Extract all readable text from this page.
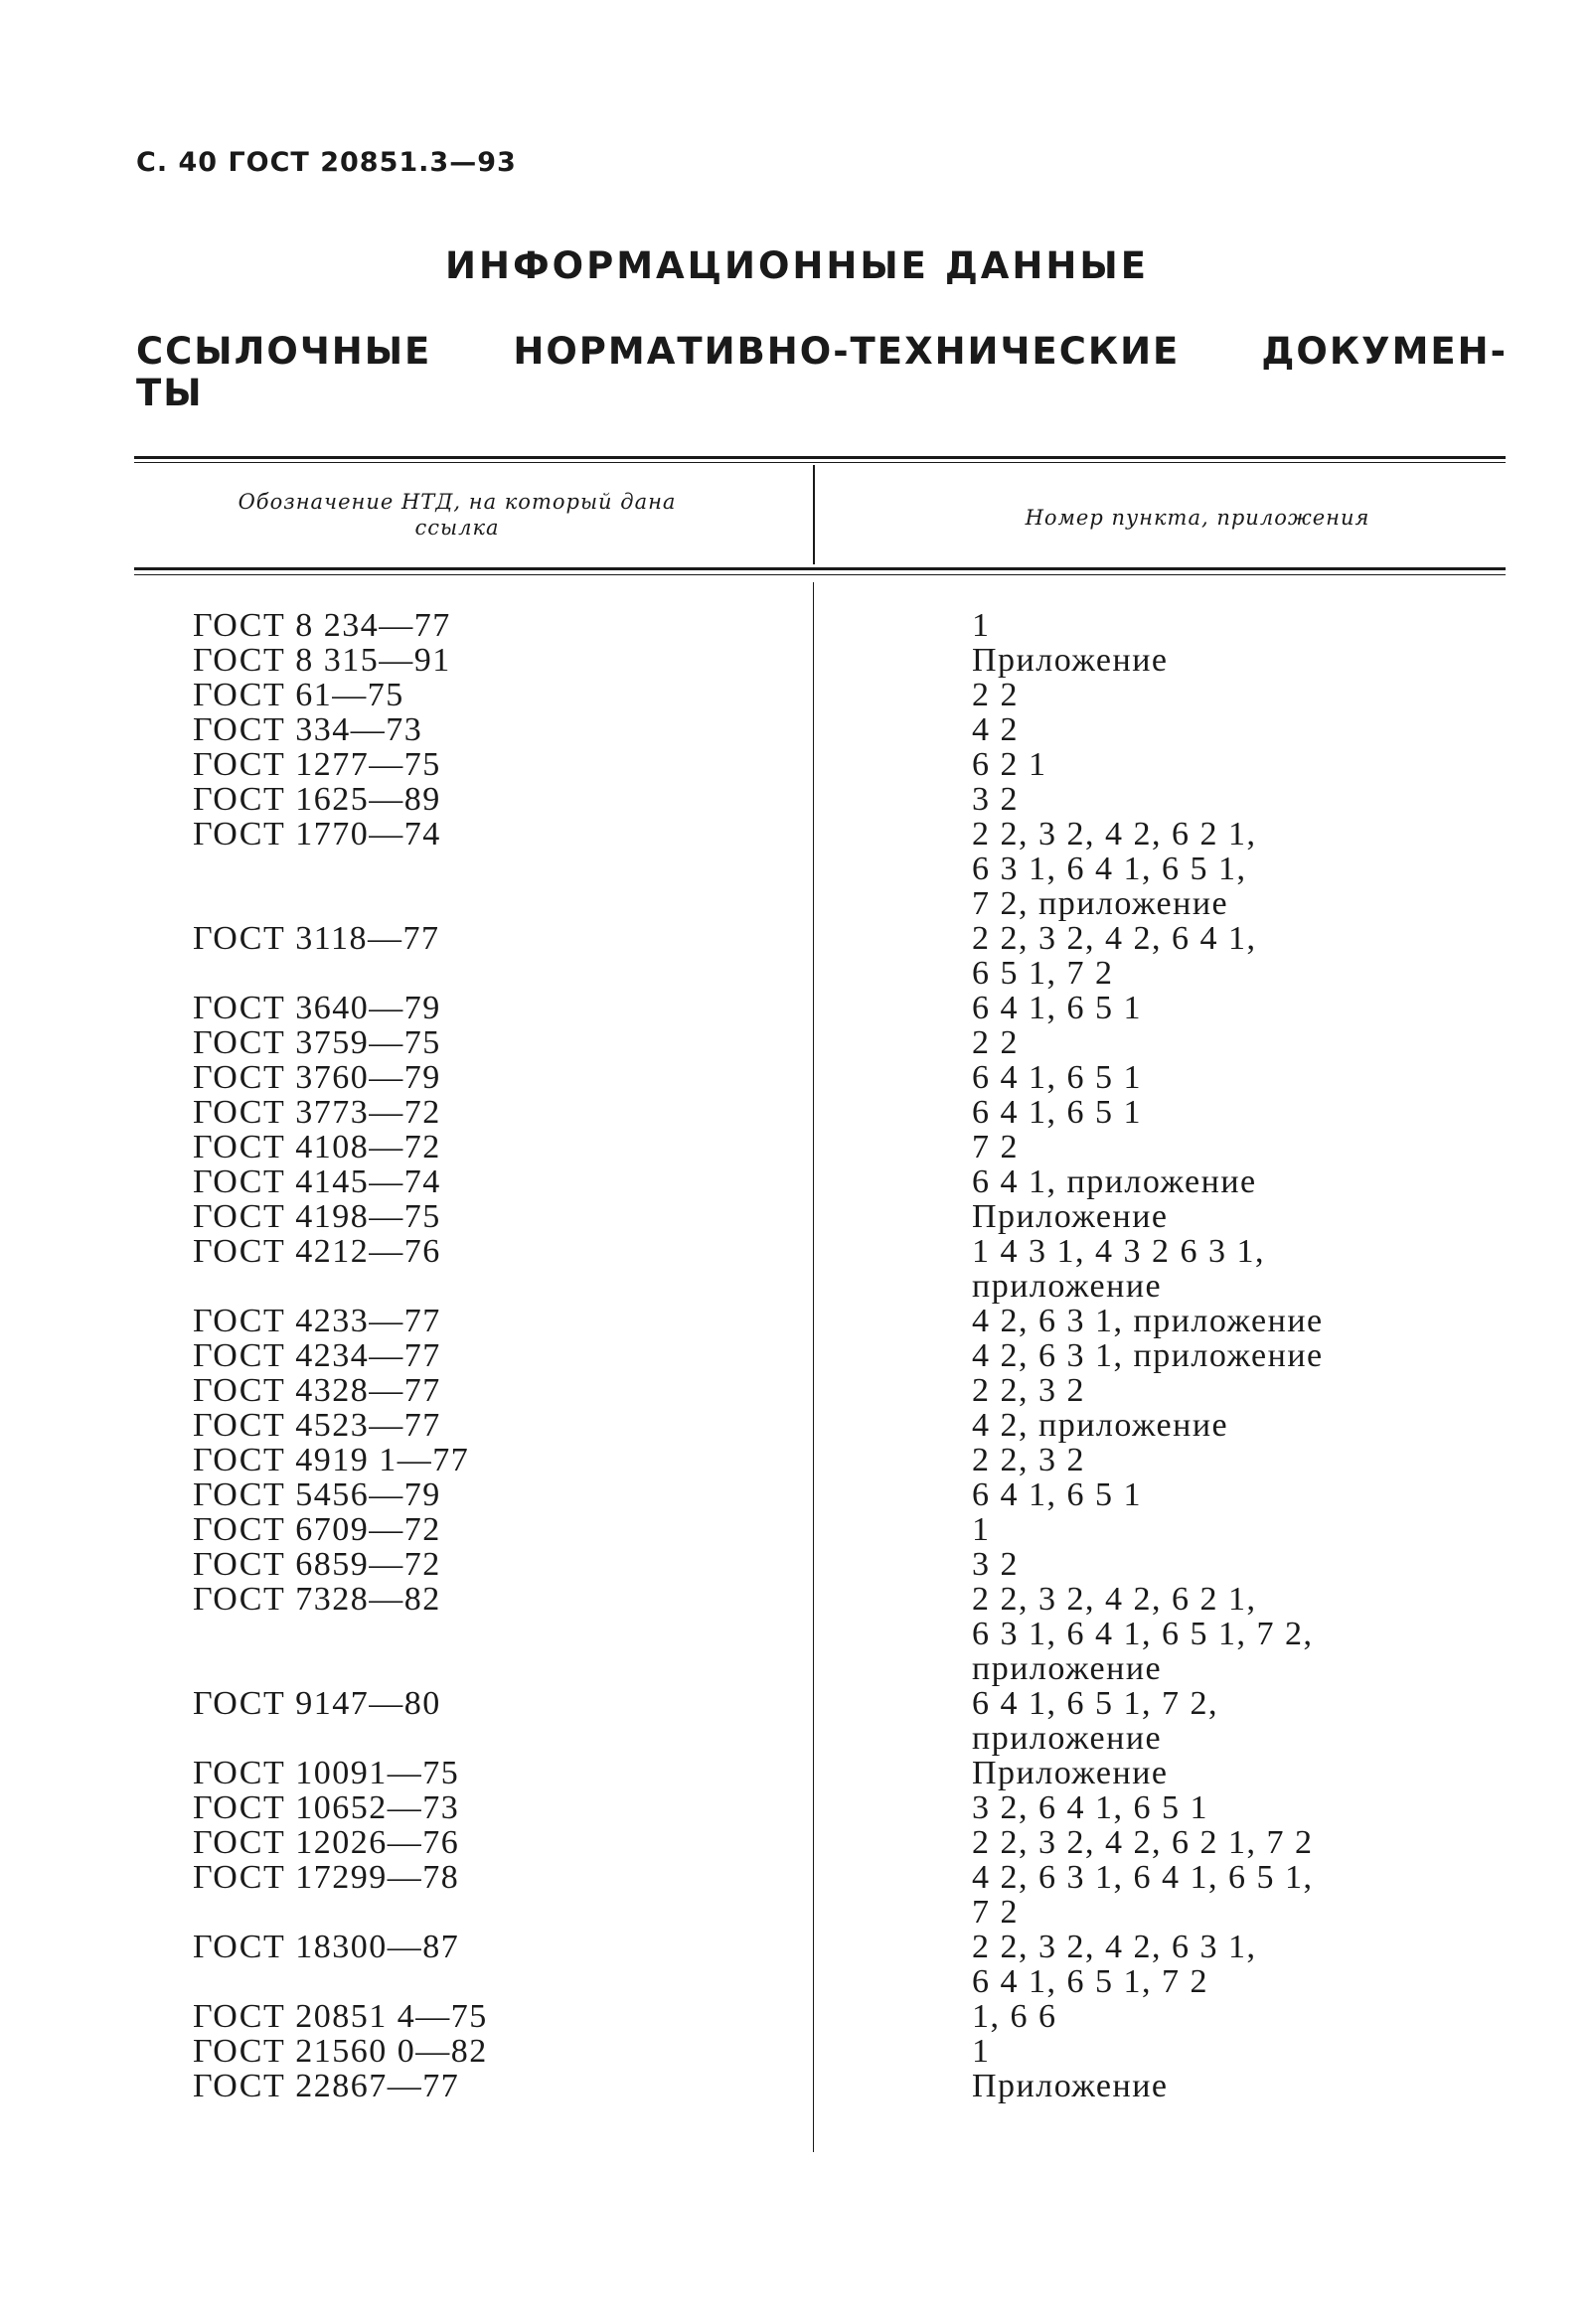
С. 40 ГОСТ 20851.3—93
ИНФОРМАЦИОННЫЕ ДАННЫЕ
ССЫЛОЧНЫЕ НОРМАТИВНО-ТЕХНИЧЕСКИЕ ДОКУМЕН-
ТЫ
Обозначение НТД, на который дана ссылка	Номер пункта, приложения
ГОСТ 8 234—77	1
ГОСТ 8 315—91	Приложение
ГОСТ 61—75	2 2
ГОСТ 334—73	4 2
ГОСТ 1277—75	6 2 1
ГОСТ 1625—89	3 2
ГОСТ 1770—74	2 2, 3 2, 4 2, 6 2 1,
6 3 1, 6 4 1, 6 5 1,
7 2, приложение
ГОСТ 3118—77	2 2, 3 2, 4 2, 6 4 1,
6 5 1, 7 2
ГОСТ 3640—79	6 4 1, 6 5 1
ГОСТ 3759—75	2 2
ГОСТ 3760—79	6 4 1, 6 5 1
ГОСТ 3773—72	6 4 1, 6 5 1
ГОСТ 4108—72	7 2
ГОСТ 4145—74	6 4 1, приложение
ГОСТ 4198—75	Приложение
ГОСТ 4212—76	1 4 3 1, 4 3 2 6 3 1,
приложение
ГОСТ 4233—77	4 2, 6 3 1, приложение
ГОСТ 4234—77	4 2, 6 3 1, приложение
ГОСТ 4328—77	2 2, 3 2
ГОСТ 4523—77	4 2, приложение
ГОСТ 4919 1—77	2 2, 3 2
ГОСТ 5456—79	6 4 1, 6 5 1
ГОСТ 6709—72	1
ГОСТ 6859—72	3 2
ГОСТ 7328—82	2 2, 3 2, 4 2, 6 2 1,
6 3 1, 6 4 1, 6 5 1, 7 2,
приложение
ГОСТ 9147—80	6 4 1, 6 5 1, 7 2,
приложение
ГОСТ 10091—75	Приложение
ГОСТ 10652—73	3 2, 6 4 1, 6 5 1
ГОСТ 12026—76	2 2, 3 2, 4 2, 6 2 1, 7 2
ГОСТ 17299—78	4 2, 6 3 1, 6 4 1, 6 5 1,
7 2
ГОСТ 18300—87	2 2, 3 2, 4 2, 6 3 1,
6 4 1, 6 5 1, 7 2
ГОСТ 20851 4—75	1, 6 6
ГОСТ 21560 0—82	1
ГОСТ 22867—77	Приложение
